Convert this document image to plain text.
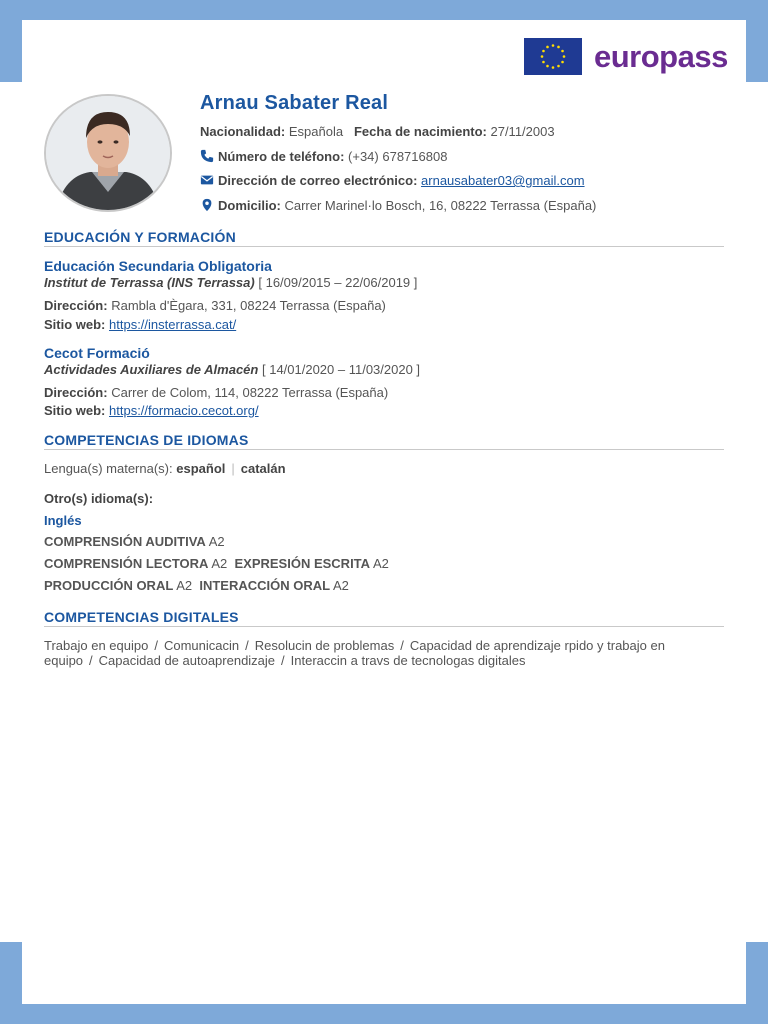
europass
Arnau Sabater Real
Nacionalidad: Española Fecha de nacimiento: 27/11/2003
Número de teléfono: (+34) 678716808
Dirección de correo electrónico: arnausabater03@gmail.com
Domicilio: Carrer Marinel·lo Bosch, 16, 08222 Terrassa (España)
EDUCACIÓN Y FORMACIÓN
Educación Secundaria Obligatoria
Institut de Terrassa (INS Terrassa) [ 16/09/2015 – 22/06/2019 ]
Dirección: Rambla d'Ègara, 331, 08224 Terrassa (España)
Sitio web: https://insterrassa.cat/
Cecot Formació
Actividades Auxiliares de Almacén [ 14/01/2020 – 11/03/2020 ]
Dirección: Carrer de Colom, 114, 08222 Terrassa (España)
Sitio web: https://formacio.cecot.org/
COMPETENCIAS DE IDIOMAS
Lengua(s) materna(s): español | catalán
Otro(s) idioma(s):
Inglés
COMPRENSIÓN AUDITIVA A2
COMPRENSIÓN LECTORA A2 EXPRESIÓN ESCRITA A2
PRODUCCIÓN ORAL A2 INTERACCIÓN ORAL A2
COMPETENCIAS DIGITALES
Trabajo en equipo / Comunicacin / Resolucin de problemas / Capacidad de aprendizaje rpido y trabajo en equipo / Capacidad de autoaprendizaje / Interaccin a travs de tecnologas digitales
